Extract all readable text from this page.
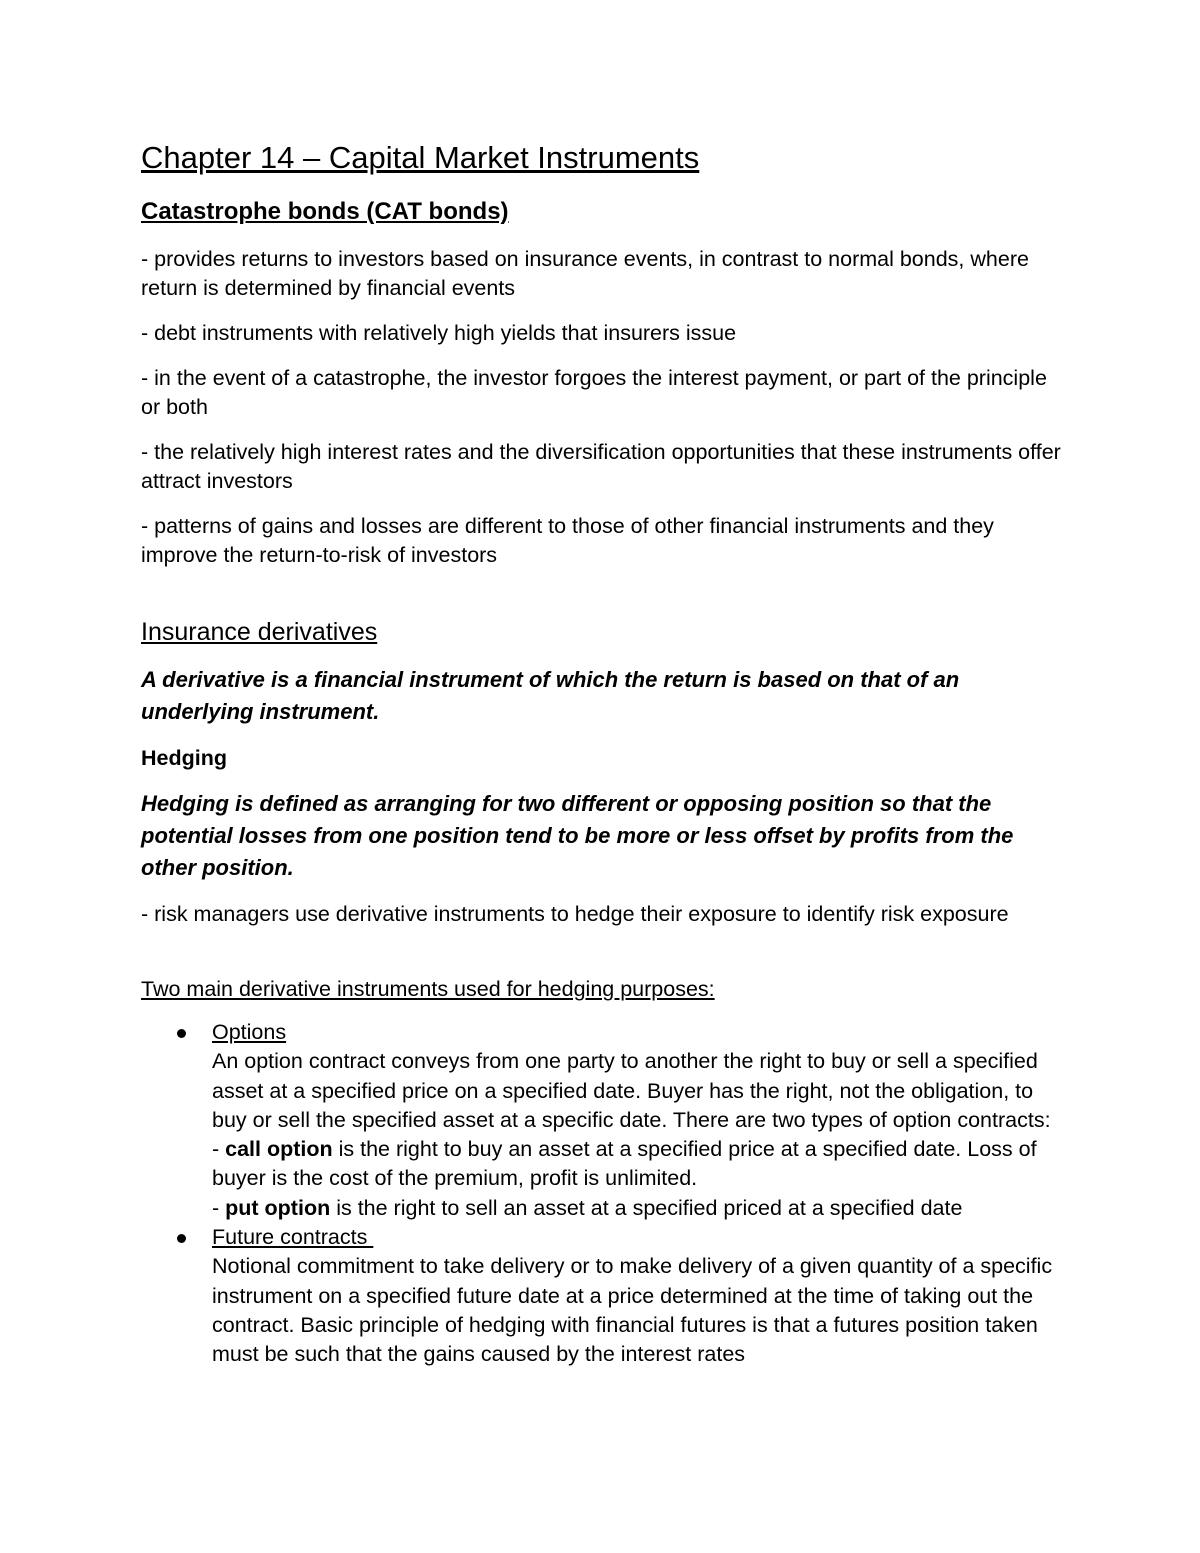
Chapter 14 – Capital Market Instruments
Catastrophe bonds (CAT bonds)

- provides returns to investors based on insurance events, in contrast to normal bonds, where return is determined by financial events

- debt instruments with relatively high yields that insurers issue

- in the event of a catastrophe, the investor forgoes the interest payment, or part of the principle or both

- the relatively high interest rates and the diversification opportunities that these instruments offer attract investors

- patterns of gains and losses are different to those of other financial instruments and they improve the return-to-risk of investors

Insurance derivatives

A derivative is a financial instrument of which the return is based on that of an underlying instrument.

Hedging

Hedging is defined as arranging for two different or opposing position so that the potential losses from one position tend to be more or less offset by profits from the other position.

- risk managers use derivative instruments to hedge their exposure to identify risk exposure

Two main derivative instruments used for hedging purposes:

Options
An option contract conveys from one party to another the right to buy or sell a specified asset at a specified price on a specified date. Buyer has the right, not the obligation, to buy or sell the specified asset at a specific date. There are two types of option contracts:
- call option is the right to buy an asset at a specified price at a specified date. Loss of buyer is the cost of the premium, profit is unlimited.
- put option is the right to sell an asset at a specified priced at a specified date
Future contracts
Notional commitment to take delivery or to make delivery of a given quantity of a specific instrument on a specified future date at a price determined at the time of taking out the contract. Basic principle of hedging with financial futures is that a futures position taken must be such that the gains caused by the interest rates
